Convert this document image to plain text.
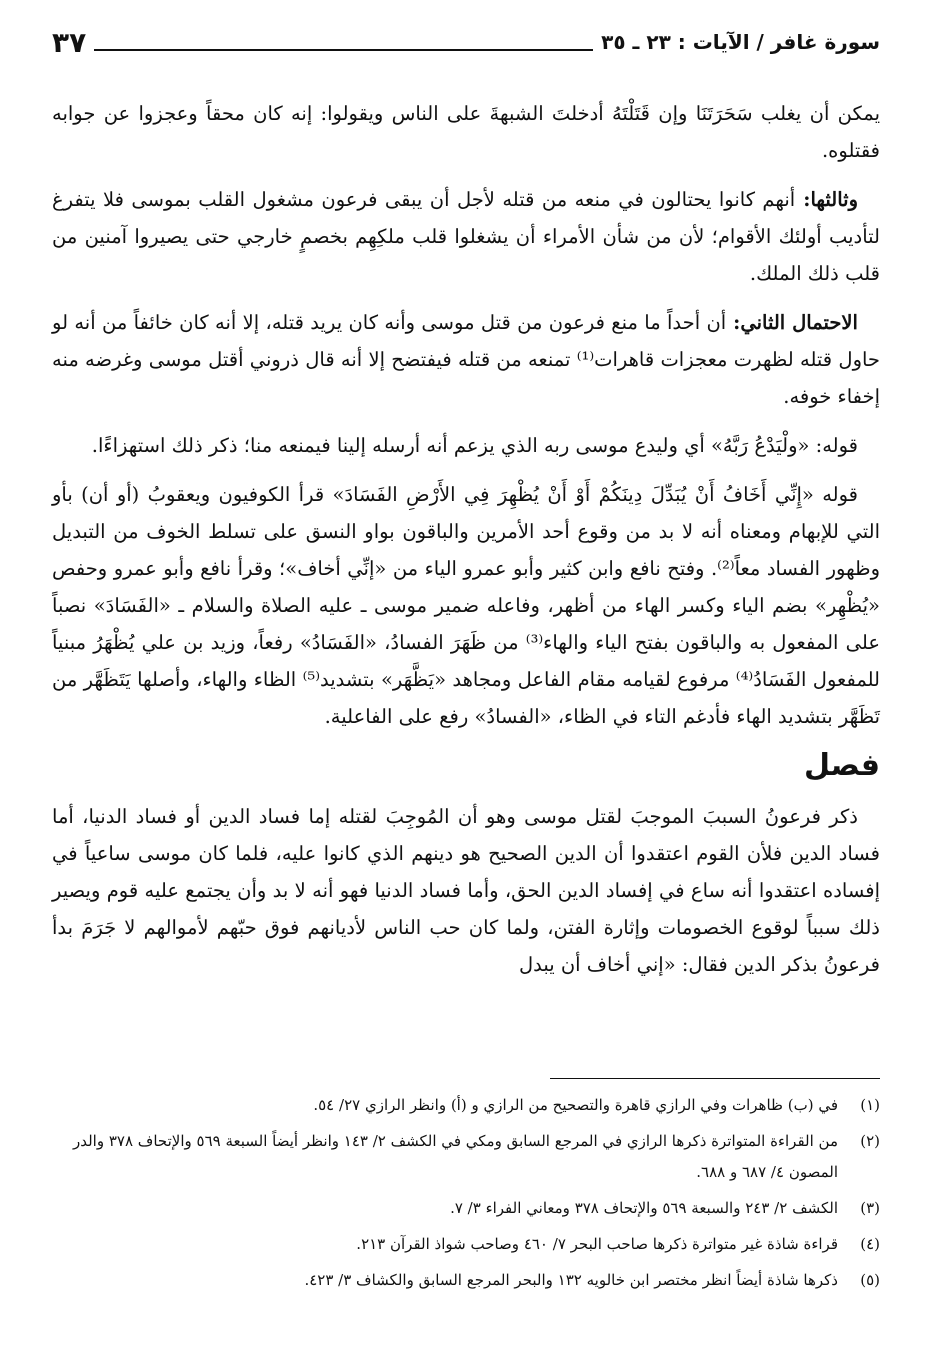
سورة غافر / الآيات : ٢٣ ـ ٣٥
٣٧

يمكن أن يغلب سَحَرَتَنَا وإن قَتَلْتَهُ أدخلتَ الشبهةَ على الناس ويقولوا: إنه كان محقاً وعجزوا عن جوابه فقتلوه.

وثالثها: أنهم كانوا يحتالون في منعه من قتله لأجل أن يبقى فرعون مشغول القلب بموسى فلا يتفرغ لتأديب أولئك الأقوام؛ لأن من شأن الأمراء أن يشغلوا قلب ملكِهِم بخصمٍ خارجي حتى يصيروا آمنين من قلب ذلك الملك.

الاحتمال الثاني: أن أحداً ما منع فرعون من قتل موسى وأنه كان يريد قتله، إلا أنه كان خائفاً من أنه لو حاول قتله لظهرت معجزات قاهرات⁽¹⁾ تمنعه من قتله فيفتضح إلا أنه قال ذروني أقتل موسى وغرضه منه إخفاء خوفه.

قوله: «ولْيَدْعُ رَبَّهُ» أي وليدع موسى ربه الذي يزعم أنه أرسله إلينا فيمنعه منا؛ ذكر ذلك استهزاءًا.

قوله «إِنِّي أَخَافُ أَنْ يُبَدِّلَ دِينَكُمْ أَوْ أَنْ يُظْهِرَ فِي الأَرْضِ الفَسَادَ» قرأ الكوفيون ويعقوبُ (أو أن) بأو التي للإبهام ومعناه أنه لا بد من وقوع أحد الأمرين والباقون بواو النسق على تسلط الخوف من التبديل وظهور الفساد معاً⁽²⁾. وفتح نافع وابن كثير وأبو عمرو الياء من «إنِّي أخاف»؛ وقرأ نافع وأبو عمرو وحفص «يُظْهِر» بضم الياء وكسر الهاء من أظهر، وفاعله ضمير موسى ـ عليه الصلاة والسلام ـ «الفَسَادَ» نصباً على المفعول به والباقون بفتح الياء والهاء⁽³⁾ من ظَهَرَ الفسادُ، «الفَسَادُ» رفعاً، وزيد بن علي يُظْهَرُ مبنياً للمفعول الفَسَادُ⁽⁴⁾ مرفوع لقيامه مقام الفاعل ومجاهد «يَظَّهَر» بتشديد⁽⁵⁾ الظاء والهاء، وأصلها يَتَظَهَّر من تَظَهَّر بتشديد الهاء فأدغم التاء في الظاء، «الفسادُ» رفع على الفاعلية.

فصل

ذكر فرعونُ السببَ الموجبَ لقتل موسى وهو أن المُوجِبَ لقتله إما فساد الدين أو فساد الدنيا، أما فساد الدين فلأن القوم اعتقدوا أن الدين الصحيح هو دينهم الذي كانوا عليه، فلما كان موسى ساعياً في إفساده اعتقدوا أنه ساع في إفساد الدين الحق، وأما فساد الدنيا فهو أنه لا بد وأن يجتمع عليه قوم ويصير ذلك سبباً لوقوع الخصومات وإثارة الفتن، ولما كان حب الناس لأديانهم فوق حبّهم لأموالهم لا جَرَمَ بدأ فرعونُ بذكر الدين فقال: «إني أخاف أن يبدل

(١)
في (ب) ظاهرات وفي الرازي قاهرة والتصحيح من الرازي و (أ) وانظر الرازي ٢٧/ ٥٤.
(٢)
من القراءة المتواترة ذكرها الرازي في المرجع السابق ومكي في الكشف ٢/ ١٤٣ وانظر أيضاً السبعة ٥٦٩ والإتحاف ٣٧٨ والدر المصون ٤/ ٦٨٧ و ٦٨٨.
(٣)
الكشف ٢/ ٢٤٣ والسبعة ٥٦٩ والإتحاف ٣٧٨ ومعاني الفراء ٣/ ٧.
(٤)
قراءة شاذة غير متواترة ذكرها صاحب البحر ٧/ ٤٦٠ وصاحب شواذ القرآن ٢١٣.
(٥)
ذكرها شاذة أيضاً انظر مختصر ابن خالويه ١٣٢ والبحر المرجع السابق والكشاف ٣/ ٤٢٣.
